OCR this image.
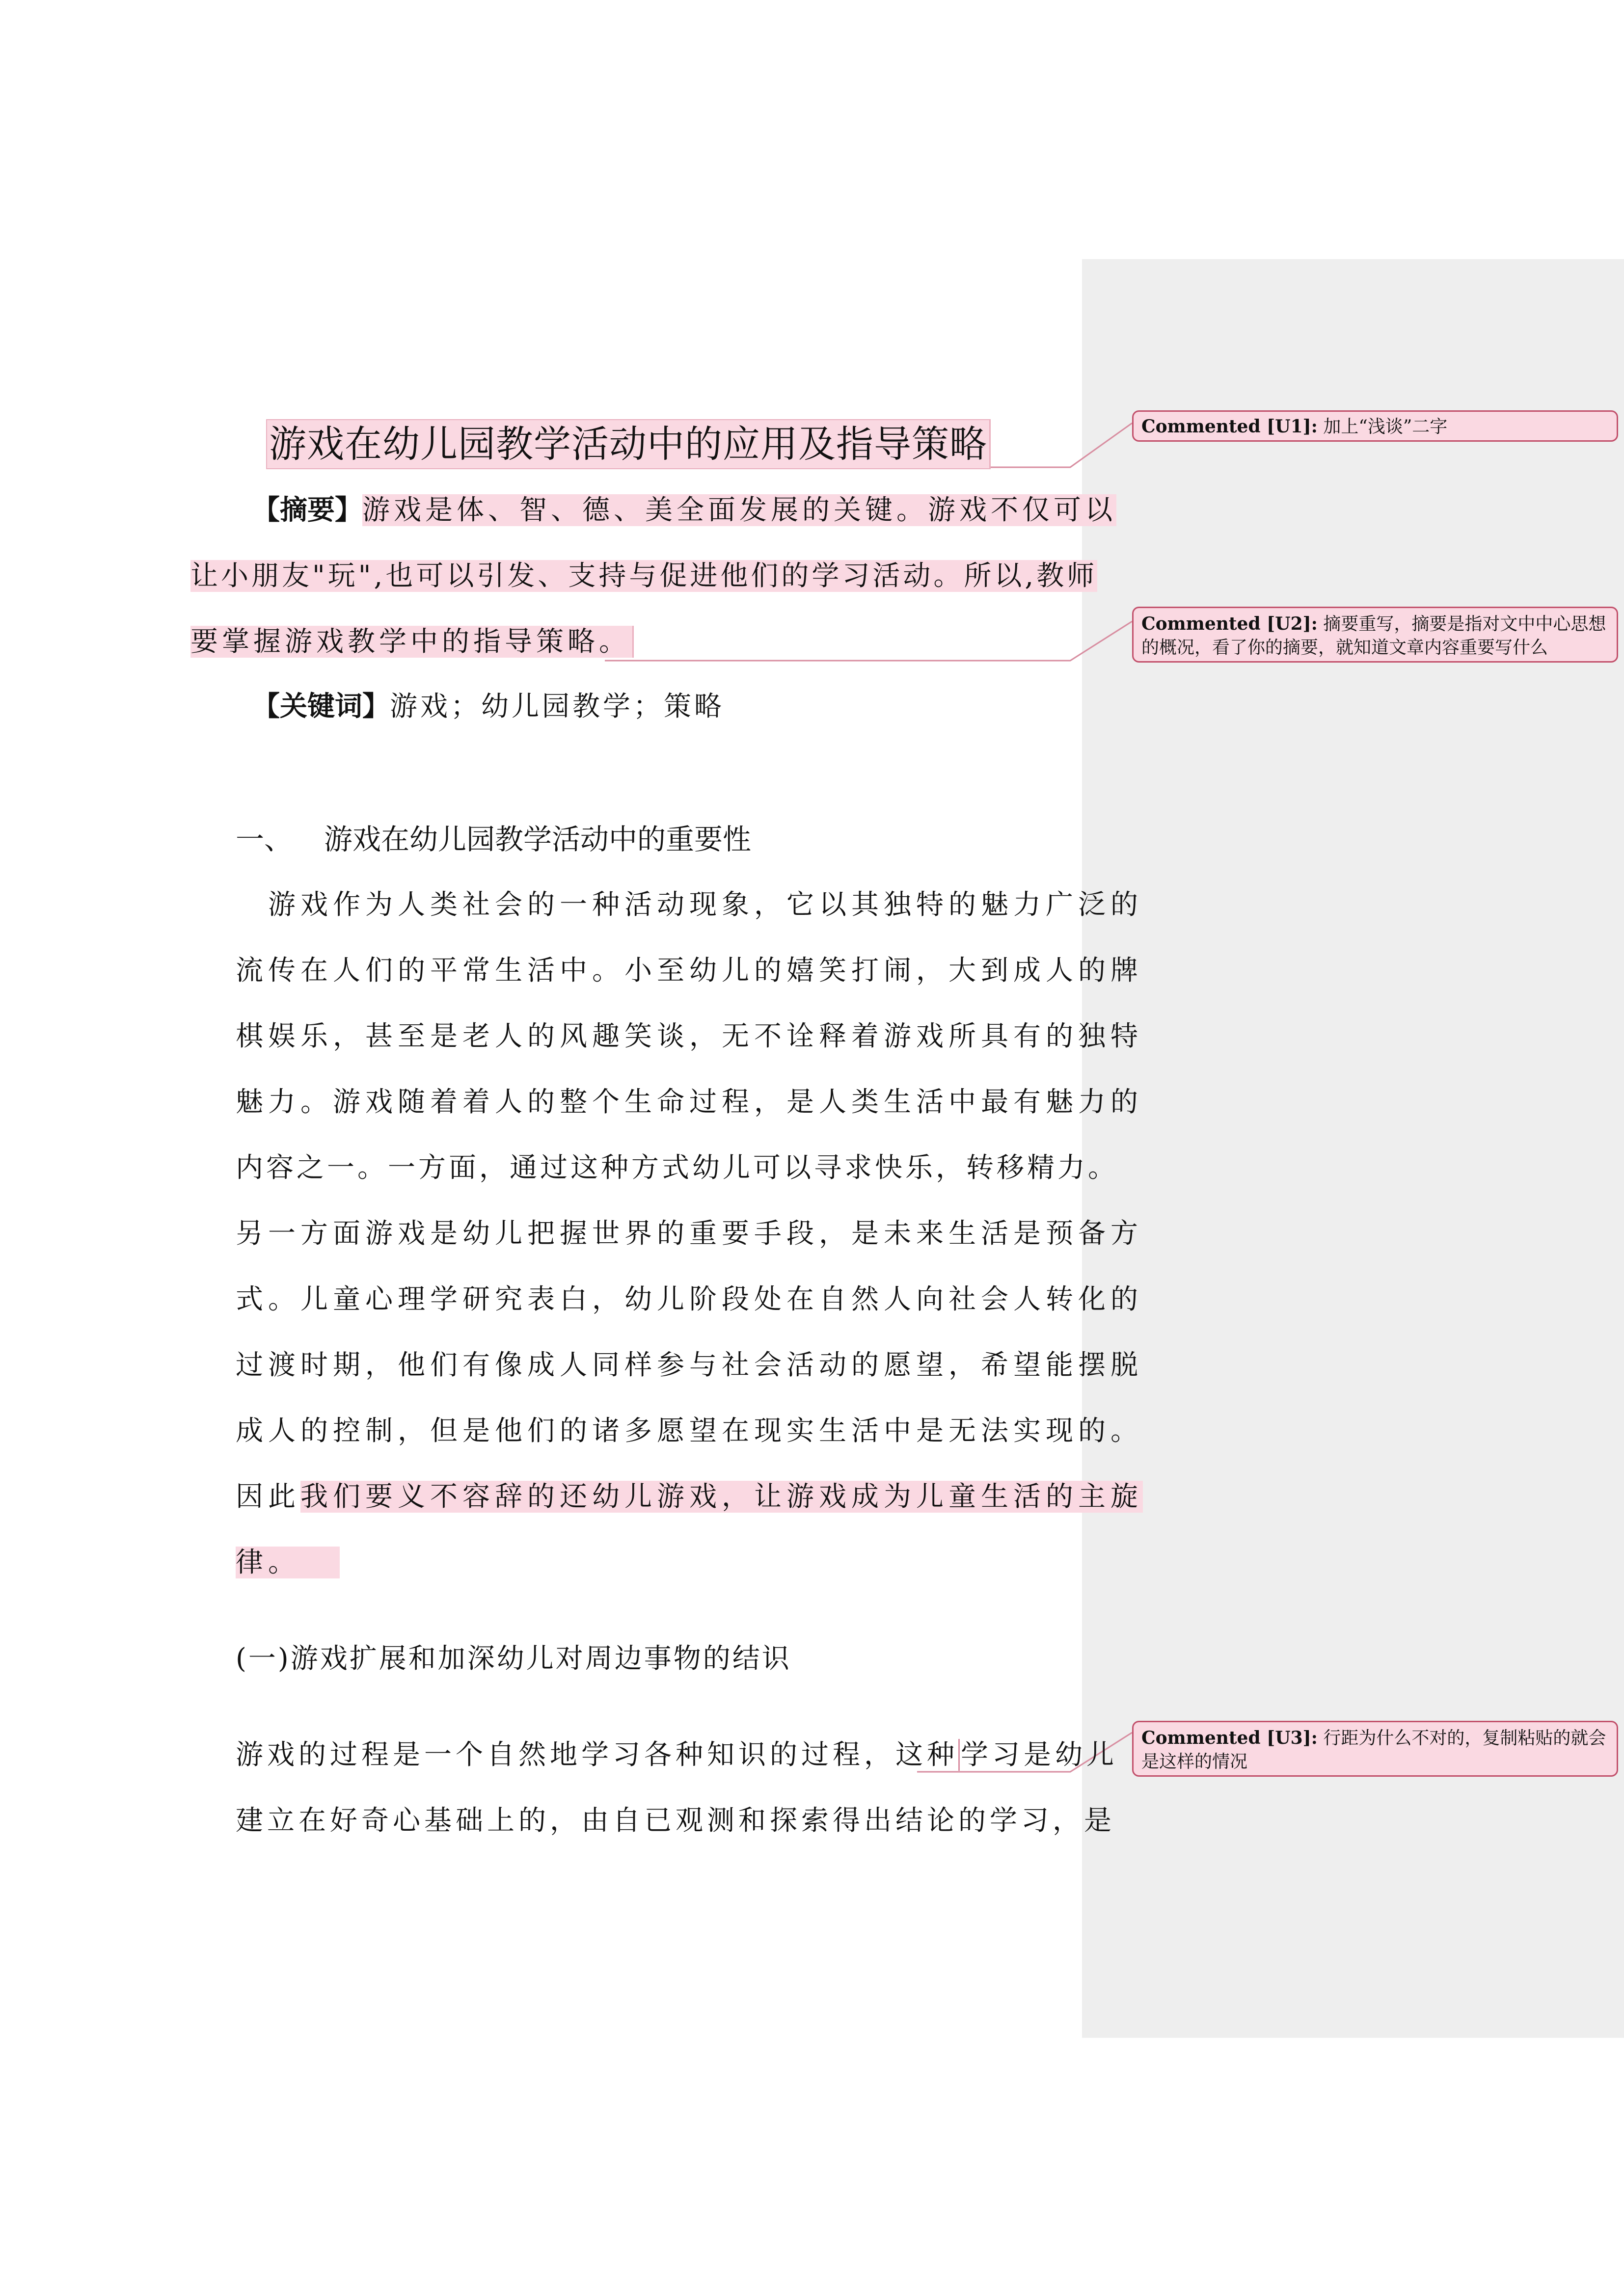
游戏在幼儿园教学活动中的应用及指导策略
【摘要】游戏是体、智、德、美全面发展的关键。游戏不仅可以
让小朋友"玩",也可以引发、支持与促进他们的学习活动。所以,教师
要掌握游戏教学中的指导策略。
【关键词】游戏；幼儿园教学；策略
一、 游戏在幼儿园教学活动中的重要性
　游戏作为人类社会的一种活动现象，它以其独特的魅力广泛的
流传在人们的平常生活中。小至幼儿的嬉笑打闹，大到成人的牌
棋娱乐，甚至是老人的风趣笑谈，无不诠释着游戏所具有的独特
魅力。游戏随着着人的整个生命过程，是人类生活中最有魅力的
内容之一。一方面，通过这种方式幼儿可以寻求快乐，转移精力。
另一方面游戏是幼儿把握世界的重要手段，是未来生活是预备方
式。儿童心理学研究表白，幼儿阶段处在自然人向社会人转化的
过渡时期，他们有像成人同样参与社会活动的愿望，希望能摆脱
成人的控制，但是他们的诸多愿望在现实生活中是无法实现的。
因此我们要义不容辞的还幼儿游戏，让游戏成为儿童生活的主旋
律。
(一)游戏扩展和加深幼儿对周边事物的结识
游戏的过程是一个自然地学习各种知识的过程，这种学习是幼儿
建立在好奇心基础上的，由自已观测和探索得出结论的学习，是
Commented [U1]: 加上“浅谈”二字
Commented [U2]: 摘要重写，摘要是指对文中中心思想的概况，看了你的摘要，就知道文章内容重要写什么
Commented [U3]: 行距为什么不对的，复制粘贴的就会是这样的情况
